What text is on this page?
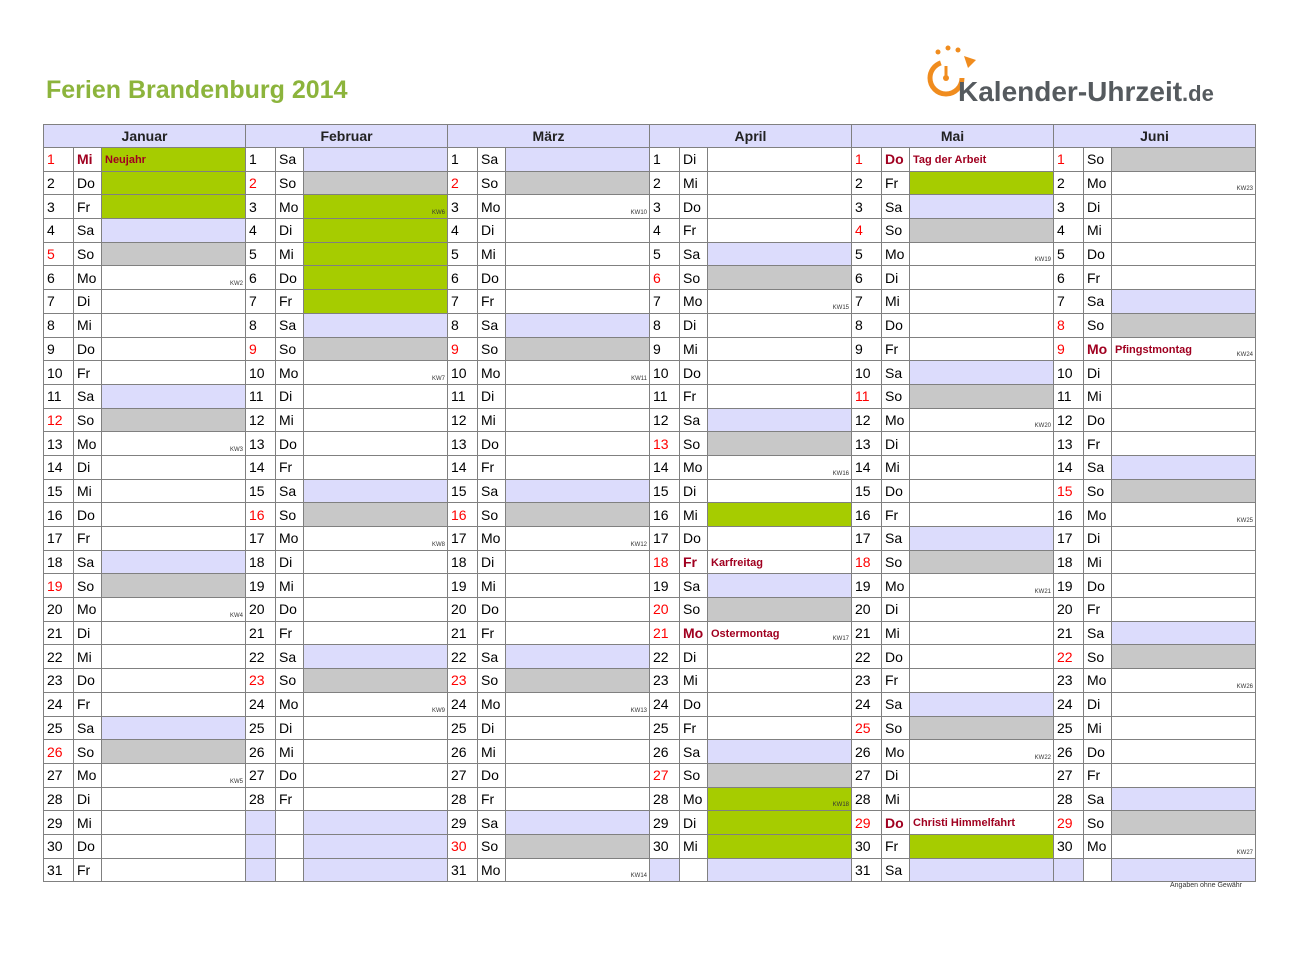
Ferien Brandenburg 2014	Kalender-Uhrzeit.de
Januar			Februar			März			April			Mai			Juni		
1	Mi	Neujahr	1	Sa		1	Sa		1	Di		1	Do	Tag der Arbeit	1	So	
2	Do		2	So		2	So		2	Mi		2	Fr		2	Mo	KW23

3	Fr		3	Mo	KW6	3	Mo	KW10	3	Do		3	Sa		3	Di	
4	Sa		4	Di		4	Di		4	Fr		4	So		4	Mi	
5	So		5	Mi		5	Mi		5	Sa		5	Mo	KW19	5	Do	
6	Mo	KW2	6	Do		6	Do		6	So		6	Di		6	Fr	
7	Di		7	Fr		7	Fr		7	Mo	KW15	7	Mi		7	Sa	
8	Mi		8	Sa		8	Sa		8	Di		8	Do		8	So	
9	Do		9	So		9	So		9	Mi		9	Fr		9	Mo	Pfingstmontag KW24

10	Fr		10	Mo	KW7	10	Mo	KW11	10	Do		10	Sa		10	Di	
11	Sa		11	Di		11	Di		11	Fr		11	So		11	Mi	
12	So		12	Mi		12	Mi		12	Sa		12	Mo	KW20	12	Do	
13	Mo	KW3	13	Do		13	Do		13	So		13	Di		13	Fr	
14	Di		14	Fr		14	Fr		14	Mo	KW16	14	Mi		14	Sa	
15	Mi		15	Sa		15	Sa		15	Di		15	Do		15	So	
16	Do		16	So		16	So		16	Mi		16	Fr		16	Mo	KW25

17	Fr		17	Mo	KW8	17	Mo	KW12	17	Do		17	Sa		17	Di	
18	Sa		18	Di		18	Di		18	Fr	Karfreitag	18	So		18	Mi	
19	So		19	Mi		19	Mi		19	Sa		19	Mo	KW21	19	Do	
20	Mo	KW4	20	Do		20	Do		20	So		20	Di		20	Fr	
21	Di		21	Fr		21	Fr		21	Mo	Ostermontag KW17	21	Mi		21	Sa	
22	Mi		22	Sa		22	Sa		22	Di		22	Do		22	So	
23	Do		23	So		23	So		23	Mi		23	Fr		23	Mo	KW26

24	Fr		24	Mo	KW9	24	Mo	KW13	24	Do		24	Sa		24	Di	
25	Sa		25	Di		25	Di		25	Fr		25	So		25	Mi	
26	So		26	Mi		26	Mi		26	Sa		26	Mo	KW22	26	Do	
27	Mo	KW5	27	Do		27	Do		27	So		27	Di		27	Fr	
28	Di		28	Fr		28	Fr		28	Mo	KW18	28	Mi		28	Sa	
29	Mi					29	Sa		29	Di		29	Do	Christi Himmelfahrt	29	So	
30	Do					30	So		30	Mi		30	Fr		30	Mo	KW27

31	Fr					31	Mo	KW14				31	Sa				
Angaben ohne Gewähr
